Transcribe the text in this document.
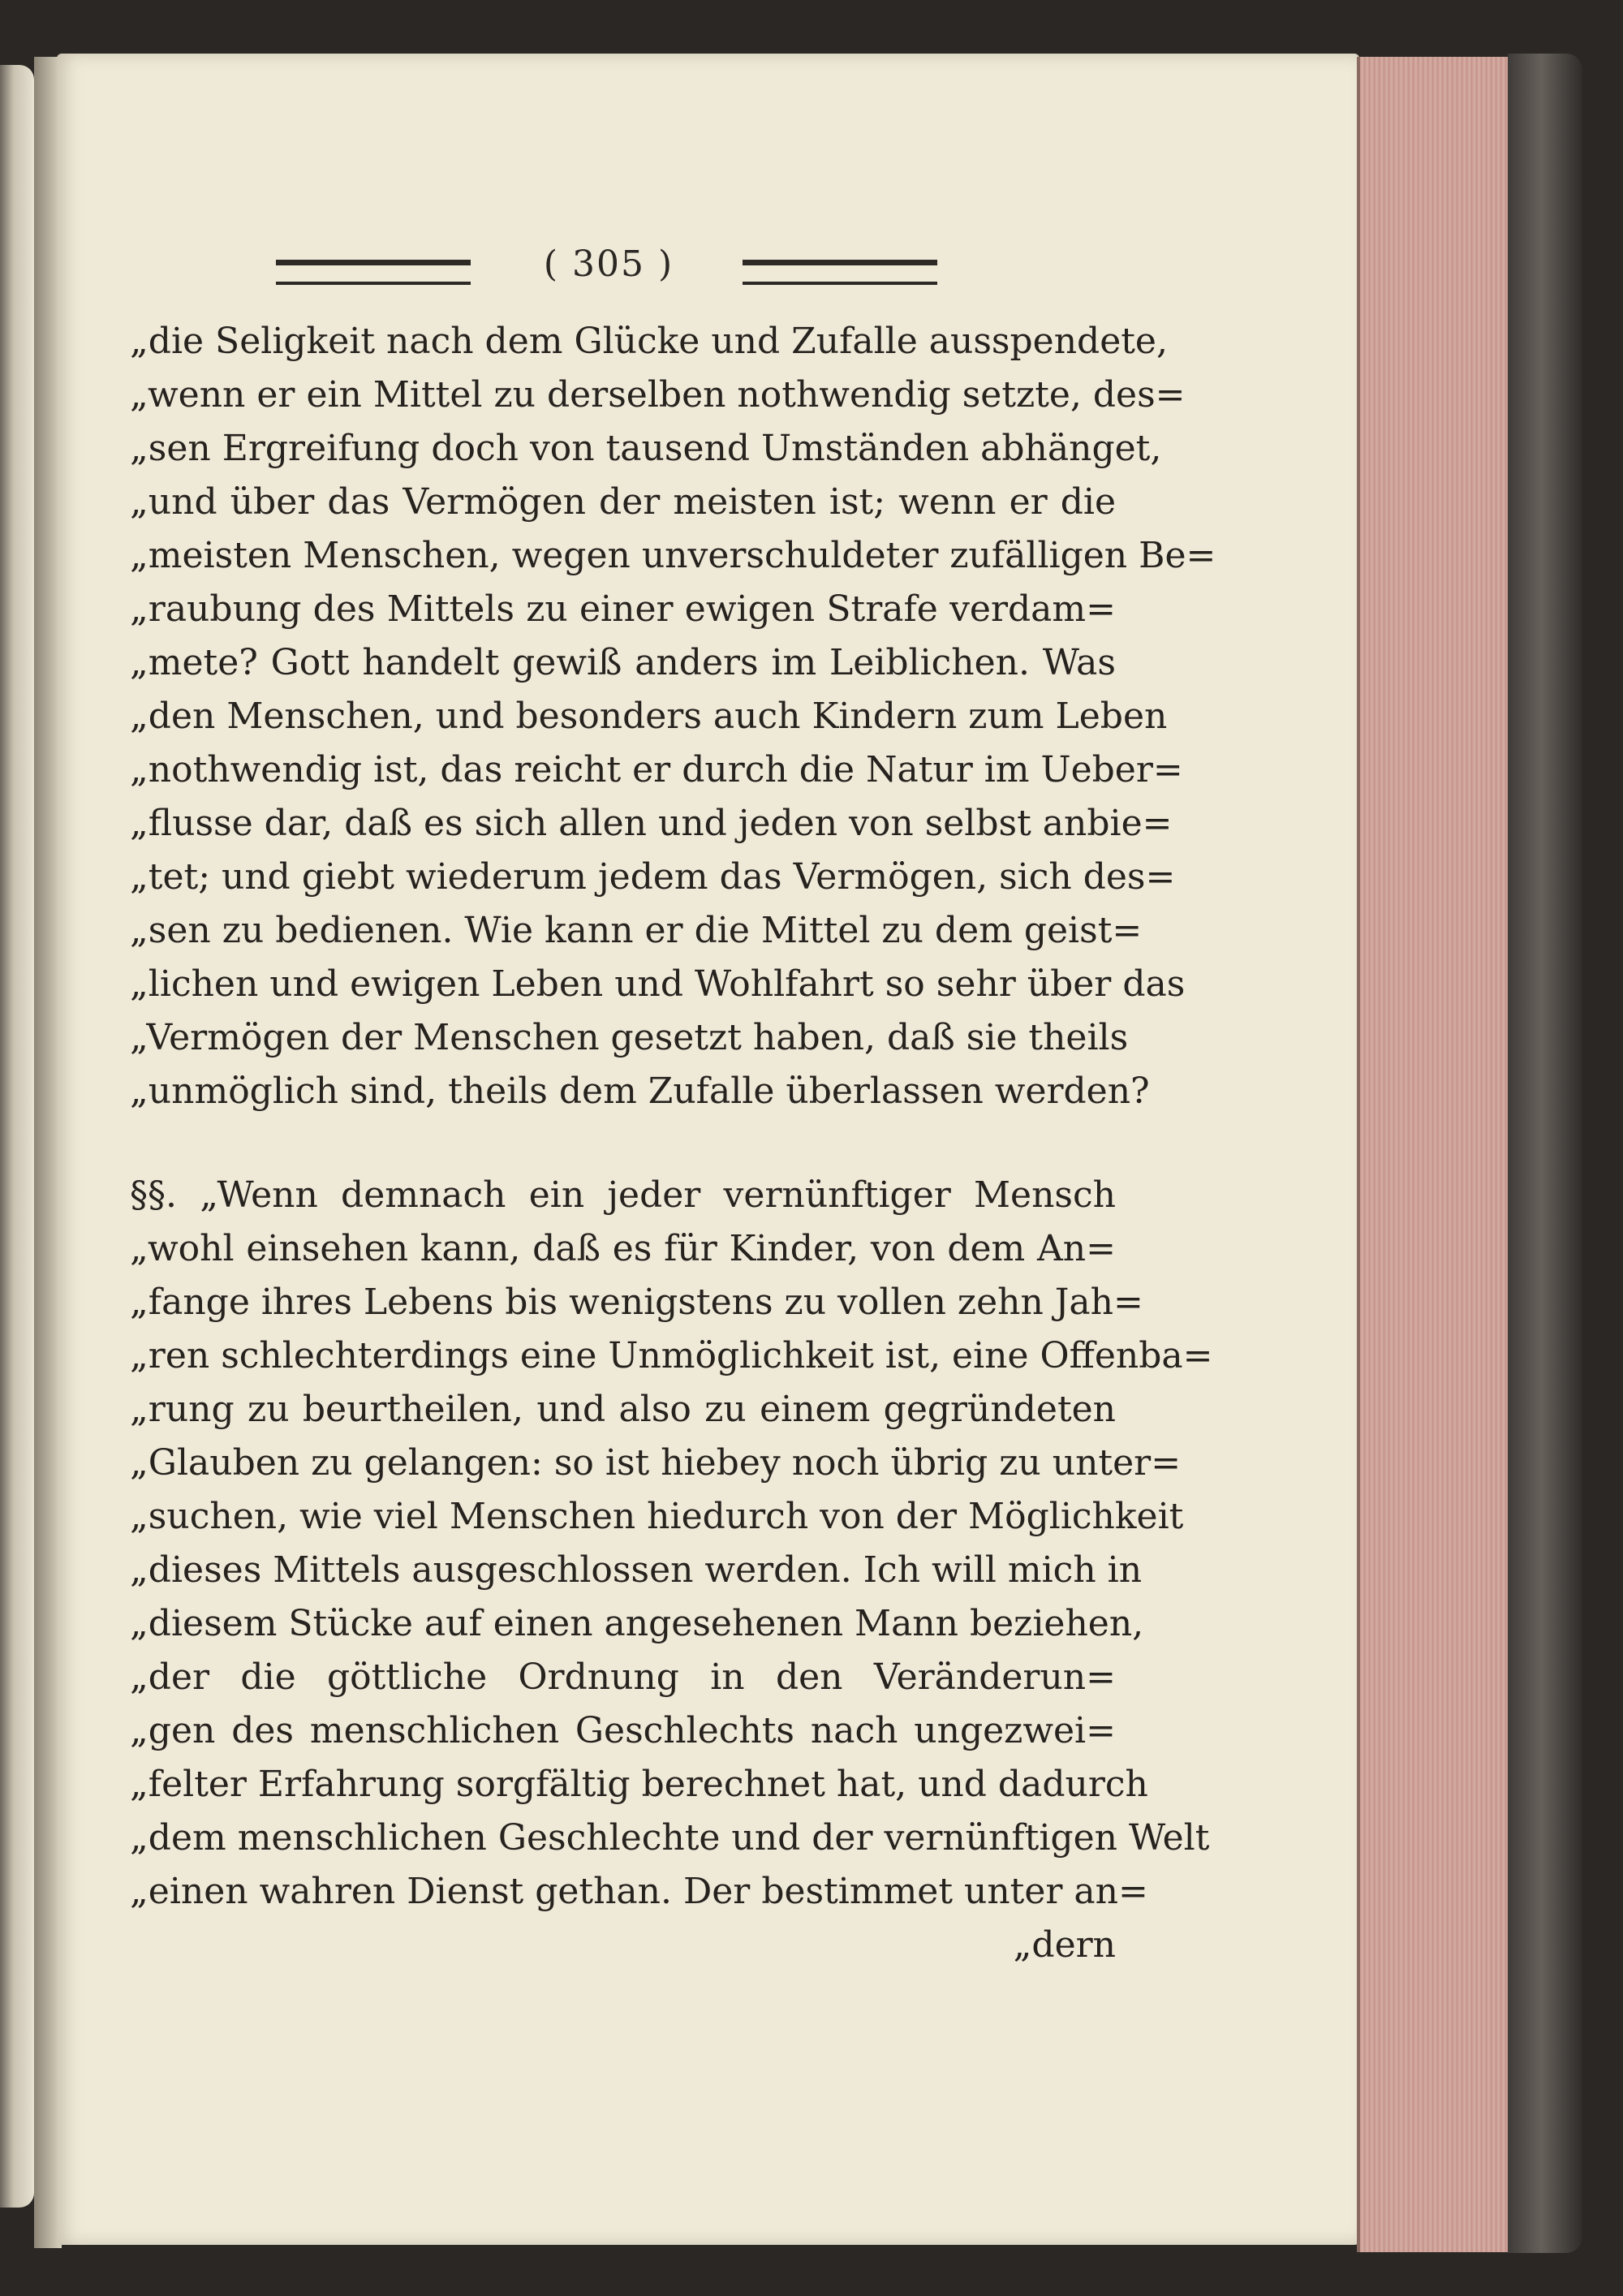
( 305 )
„die Seligkeit nach dem Glücke und Zufalle ausspendete,
„wenn er ein Mittel zu derselben nothwendig setzte, des=
„sen Ergreifung doch von tausend Umständen abhänget,
„und über das Vermögen der meisten ist; wenn er die
„meisten Menschen, wegen unverschuldeter zufälligen Be=
„raubung des Mittels zu einer ewigen Strafe verdam=
„mete? Gott handelt gewiß anders im Leiblichen. Was
„den Menschen, und besonders auch Kindern zum Leben
„nothwendig ist, das reicht er durch die Natur im Ueber=
„flusse dar, daß es sich allen und jeden von selbst anbie=
„tet; und giebt wiederum jedem das Vermögen, sich des=
„sen zu bedienen. Wie kann er die Mittel zu dem geist=
„lichen und ewigen Leben und Wohlfahrt so sehr über das
„Vermögen der Menschen gesetzt haben, daß sie theils
„unmöglich sind, theils dem Zufalle überlassen werden?
§§. „Wenn demnach ein jeder vernünftiger Mensch
„wohl einsehen kann, daß es für Kinder, von dem An=
„fange ihres Lebens bis wenigstens zu vollen zehn Jah=
„ren schlechterdings eine Unmöglichkeit ist, eine Offenba=
„rung zu beurtheilen, und also zu einem gegründeten
„Glauben zu gelangen: so ist hiebey noch übrig zu unter=
„suchen, wie viel Menschen hiedurch von der Möglichkeit
„dieses Mittels ausgeschlossen werden. Ich will mich in
„diesem Stücke auf einen angesehenen Mann beziehen,
„der die göttliche Ordnung in den Veränderun=
„gen des menschlichen Geschlechts nach ungezwei=
„felter Erfahrung sorgfältig berechnet hat, und dadurch
„dem menschlichen Geschlechte und der vernünftigen Welt
„einen wahren Dienst gethan. Der bestimmet unter an=
„dern
